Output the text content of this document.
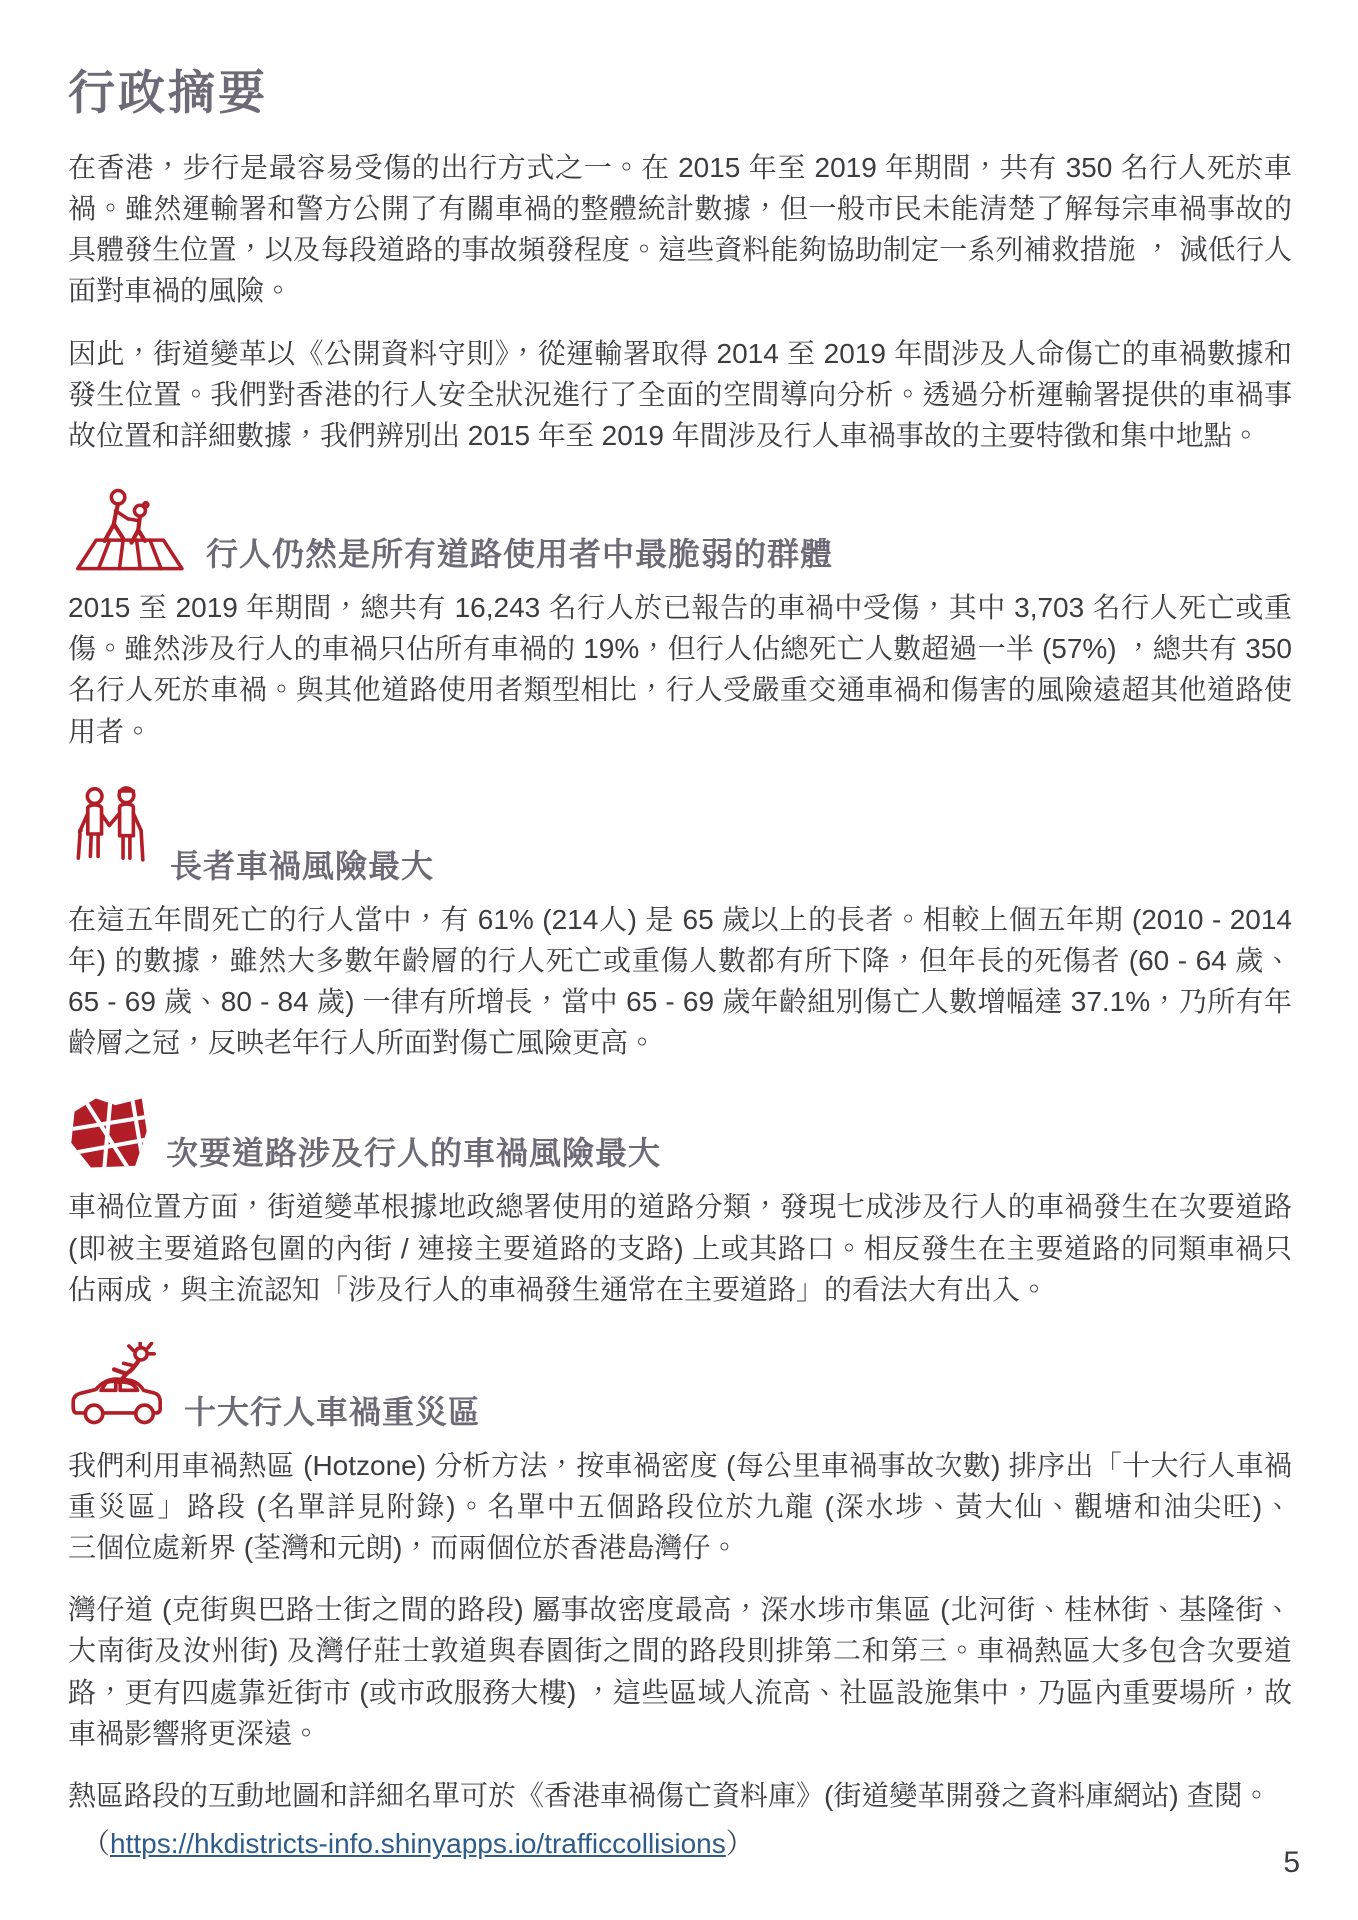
行政摘要

在香港，步行是最容易受傷的出行方式之一。在 2015 年至 2019 年期間，共有 350 名行人死於車禍。雖然運輸署和警方公開了有關車禍的整體統計數據，但一般市民未能清楚了解每宗車禍事故的具體發生位置，以及每段道路的事故頻發程度。這些資料能夠協助制定一系列補救措施 ， 減低行人面對車禍的風險。

因此，街道變革以《公開資料守則》，從運輸署取得 2014 至 2019 年間涉及人命傷亡的車禍數據和發生位置。我們對香港的行人安全狀況進行了全面的空間導向分析。透過分析運輸署提供的車禍事故位置和詳細數據，我們辨別出 2015 年至 2019 年間涉及行人車禍事故的主要特徵和集中地點。

行人仍然是所有道路使用者中最脆弱的群體

2015 至 2019 年期間，總共有 16,243 名行人於已報告的車禍中受傷，其中 3,703 名行人死亡或重傷。雖然涉及行人的車禍只佔所有車禍的 19%，但行人佔總死亡人數超過一半 (57%) ，總共有 350 名行人死於車禍。與其他道路使用者類型相比，行人受嚴重交通車禍和傷害的風險遠超其他道路使用者。

長者車禍風險最大

在這五年間死亡的行人當中，有 61% (214人) 是 65 歲以上的長者。相較上個五年期 (2010 - 2014 年) 的數據，雖然大多數年齡層的行人死亡或重傷人數都有所下降，但年長的死傷者 (60 - 64 歲、65 - 69 歲、80 - 84 歲) 一律有所增長，當中 65 - 69 歲年齡組別傷亡人數增幅達 37.1%，乃所有年齡層之冠，反映老年行人所面對傷亡風險更高。

次要道路涉及行人的車禍風險最大

車禍位置方面，街道變革根據地政總署使用的道路分類，發現七成涉及行人的車禍發生在次要道路 (即被主要道路包圍的內街 / 連接主要道路的支路) 上或其路口。相反發生在主要道路的同類車禍只佔兩成，與主流認知「涉及行人的車禍發生通常在主要道路」的看法大有出入。

十大行人車禍重災區

我們利用車禍熱區 (Hotzone) 分析方法，按車禍密度 (每公里車禍事故次數) 排序出「十大行人車禍重災區」路段 (名單詳見附錄)。名單中五個路段位於九龍 (深水埗、黃大仙、觀塘和油尖旺)、　　三個位處新界 (荃灣和元朗)，而兩個位於香港島灣仔。

灣仔道 (克街與巴路士街之間的路段) 屬事故密度最高，深水埗市集區 (北河街、桂林街、基隆街、大南街及汝州街) 及灣仔莊士敦道與春園街之間的路段則排第二和第三。車禍熱區大多包含次要道路，更有四處靠近街市 (或市政服務大樓) ，這些區域人流高、社區設施集中，乃區內重要場所，故車禍影響將更深遠。

熱區路段的互動地圖和詳細名單可於《香港車禍傷亡資料庫》(街道變革開發之資料庫網站) 查閱。

（https://hkdistricts-info.shinyapps.io/trafficcollisions）

5
